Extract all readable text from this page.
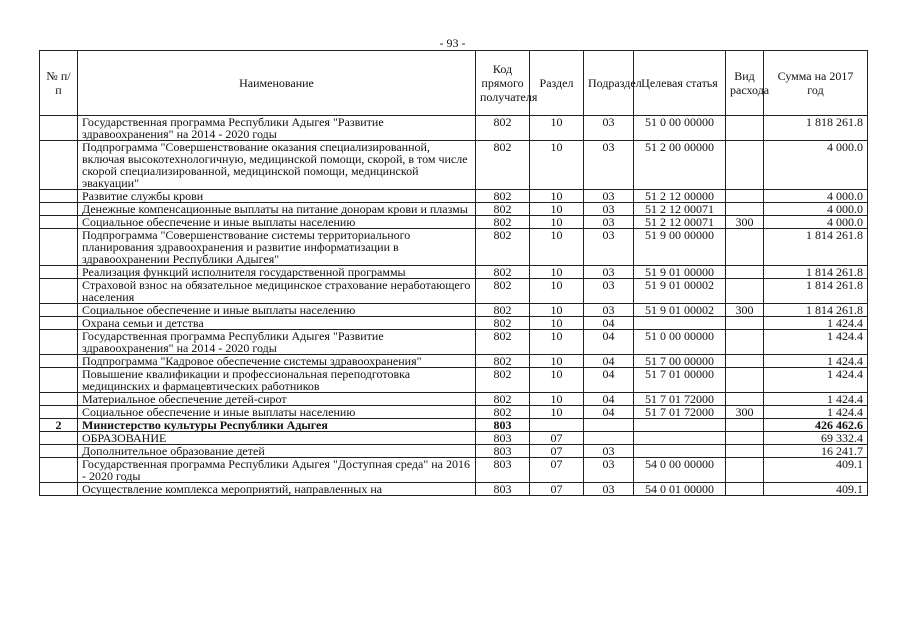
- 93 -
№ п/п	Наименование	Код прямого получателя	Раздел	Подраздел	Целевая статья	Вид расхода	Сумма на 2017 год
	Государственная программа Республики Адыгея "Развитие здравоохранения" на 2014 - 2020 годы	802	10	03	51 0 00 00000		1 818 261.8
	Подпрограмма "Совершенствование оказания специализированной, включая высокотехнологичную, медицинской помощи, скорой, в том числе скорой специализированной, медицинской помощи, медицинской эвакуации"	802	10	03	51 2 00 00000		4 000.0
	Развитие службы крови	802	10	03	51 2 12 00000		4 000.0
	Денежные компенсационные выплаты на питание донорам крови и плазмы	802	10	03	51 2 12 00071		4 000.0
	Социальное обеспечение и иные выплаты населению	802	10	03	51 2 12 00071	300	4 000.0
	Подпрограмма "Совершенствование системы территориального планирования здравоохранения и развитие информатизации в здравоохранении Республики Адыгея"	802	10	03	51 9 00 00000		1 814 261.8
	Реализация функций исполнителя государственной программы	802	10	03	51 9 01 00000		1 814 261.8
	Страховой взнос на обязательное медицинское страхование неработающего населения	802	10	03	51 9 01 00002		1 814 261.8
	Социальное обеспечение и иные выплаты населению	802	10	03	51 9 01 00002	300	1 814 261.8
	Охрана семьи и детства	802	10	04			1 424.4
	Государственная программа Республики Адыгея "Развитие здравоохранения" на 2014 - 2020 годы	802	10	04	51 0 00 00000		1 424.4
	Подпрограмма "Кадровое обеспечение системы здравоохранения"	802	10	04	51 7 00 00000		1 424.4
	Повышение квалификации и профессиональная переподготовка медицинских и фармацевтических работников	802	10	04	51 7 01 00000		1 424.4
	Материальное обеспечение детей-сирот	802	10	04	51 7 01 72000		1 424.4
	Социальное обеспечение и иные выплаты населению	802	10	04	51 7 01 72000	300	1 424.4
2	Министерство культуры Республики Адыгея	803					426 462.6
	ОБРАЗОВАНИЕ	803	07				69 332.4
	Дополнительное образование детей	803	07	03			16 241.7
	Государственная программа Республики Адыгея "Доступная среда" на 2016 - 2020 годы	803	07	03	54 0 00 00000		409.1
	Осуществление комплекса мероприятий, направленных на	803	07	03	54 0 01 00000		409.1
